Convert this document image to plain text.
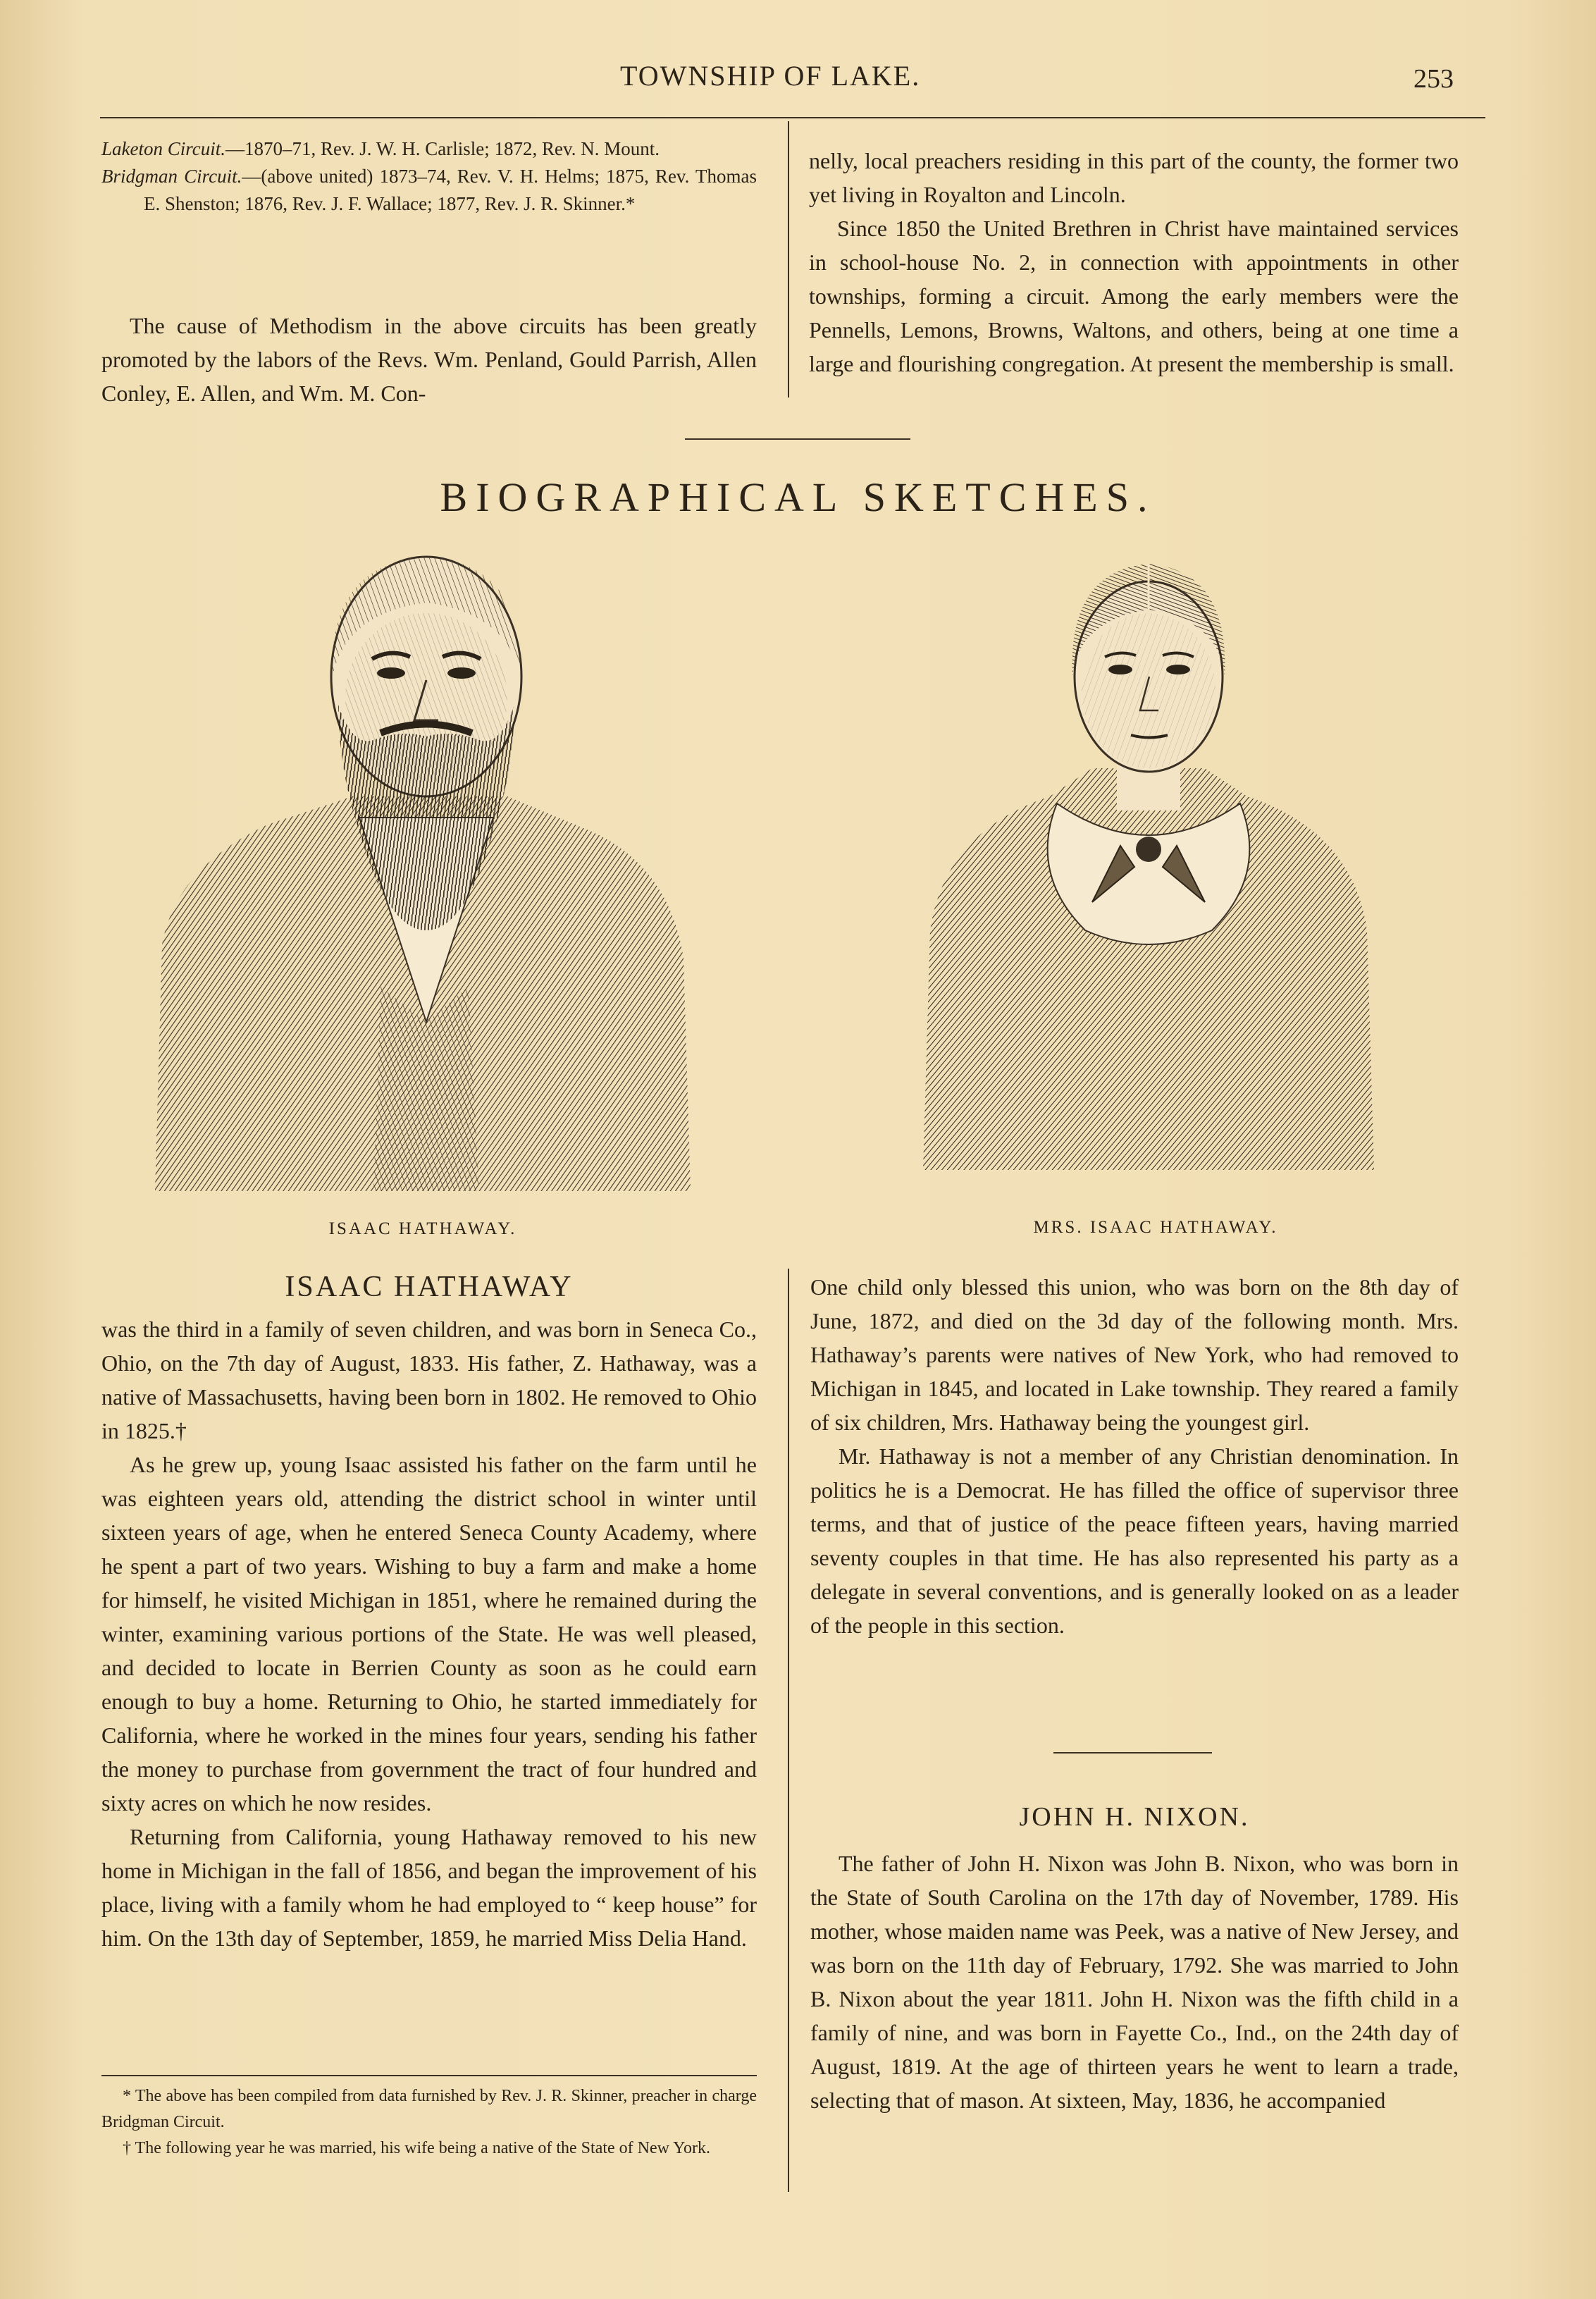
TOWNSHIP OF LAKE.	253

Laketon Circuit.—1870–71, Rev. J. W. H. Carlisle; 1872, Rev. N. Mount.

Bridgman Circuit.—(above united) 1873–74, Rev. V. H. Helms; 1875, Rev. Thomas E. Shenston; 1876, Rev. J. F. Wallace; 1877, Rev. J. R. Skinner.*

The cause of Methodism in the above circuits has been greatly promoted by the labors of the Revs. Wm. Penland, Gould Parrish, Allen Conley, E. Allen, and Wm. M. Con-

nelly, local preachers residing in this part of the county, the former two yet living in Royalton and Lincoln.

Since 1850 the United Brethren in Christ have maintained services in school-house No. 2, in connection with appointments in other townships, forming a circuit. Among the early members were the Pennells, Lemons, Browns, Waltons, and others, being at one time a large and flourishing congregation. At present the membership is small.

BIOGRAPHICAL SKETCHES.
ISAAC HATHAWAY.	MRS. ISAAC HATHAWAY.
ISAAC HATHAWAY

was the third in a family of seven children, and was born in Seneca Co., Ohio, on the 7th day of August, 1833. His father, Z. Hathaway, was a native of Massachusetts, having been born in 1802. He removed to Ohio in 1825.†

As he grew up, young Isaac assisted his father on the farm until he was eighteen years old, attending the district school in winter until sixteen years of age, when he entered Seneca County Academy, where he spent a part of two years. Wishing to buy a farm and make a home for himself, he visited Michigan in 1851, where he remained during the winter, examining various portions of the State. He was well pleased, and decided to locate in Berrien County as soon as he could earn enough to buy a home. Returning to Ohio, he started immediately for California, where he worked in the mines four years, sending his father the money to purchase from government the tract of four hundred and sixty acres on which he now resides.

Returning from California, young Hathaway removed to his new home in Michigan in the fall of 1856, and began the improvement of his place, living with a family whom he had employed to “ keep house” for him. On the 13th day of September, 1859, he married Miss Delia Hand.

* The above has been compiled from data furnished by Rev. J. R. Skinner, preacher in charge Bridgman Circuit.

† The following year he was married, his wife being a native of the State of New York.

One child only blessed this union, who was born on the 8th day of June, 1872, and died on the 3d day of the following month. Mrs. Hathaway’s parents were natives of New York, who had removed to Michigan in 1845, and located in Lake township. They reared a family of six children, Mrs. Hathaway being the youngest girl.

Mr. Hathaway is not a member of any Christian denomination. In politics he is a Democrat. He has filled the office of supervisor three terms, and that of justice of the peace fifteen years, having married seventy couples in that time. He has also represented his party as a delegate in several conventions, and is generally looked on as a leader of the people in this section.

JOHN H. NIXON.

The father of John H. Nixon was John B. Nixon, who was born in the State of South Carolina on the 17th day of November, 1789. His mother, whose maiden name was Peek, was a native of New Jersey, and was born on the 11th day of February, 1792. She was married to John B. Nixon about the year 1811. John H. Nixon was the fifth child in a family of nine, and was born in Fayette Co., Ind., on the 24th day of August, 1819. At the age of thirteen years he went to learn a trade, selecting that of mason. At sixteen, May, 1836, he accompanied
